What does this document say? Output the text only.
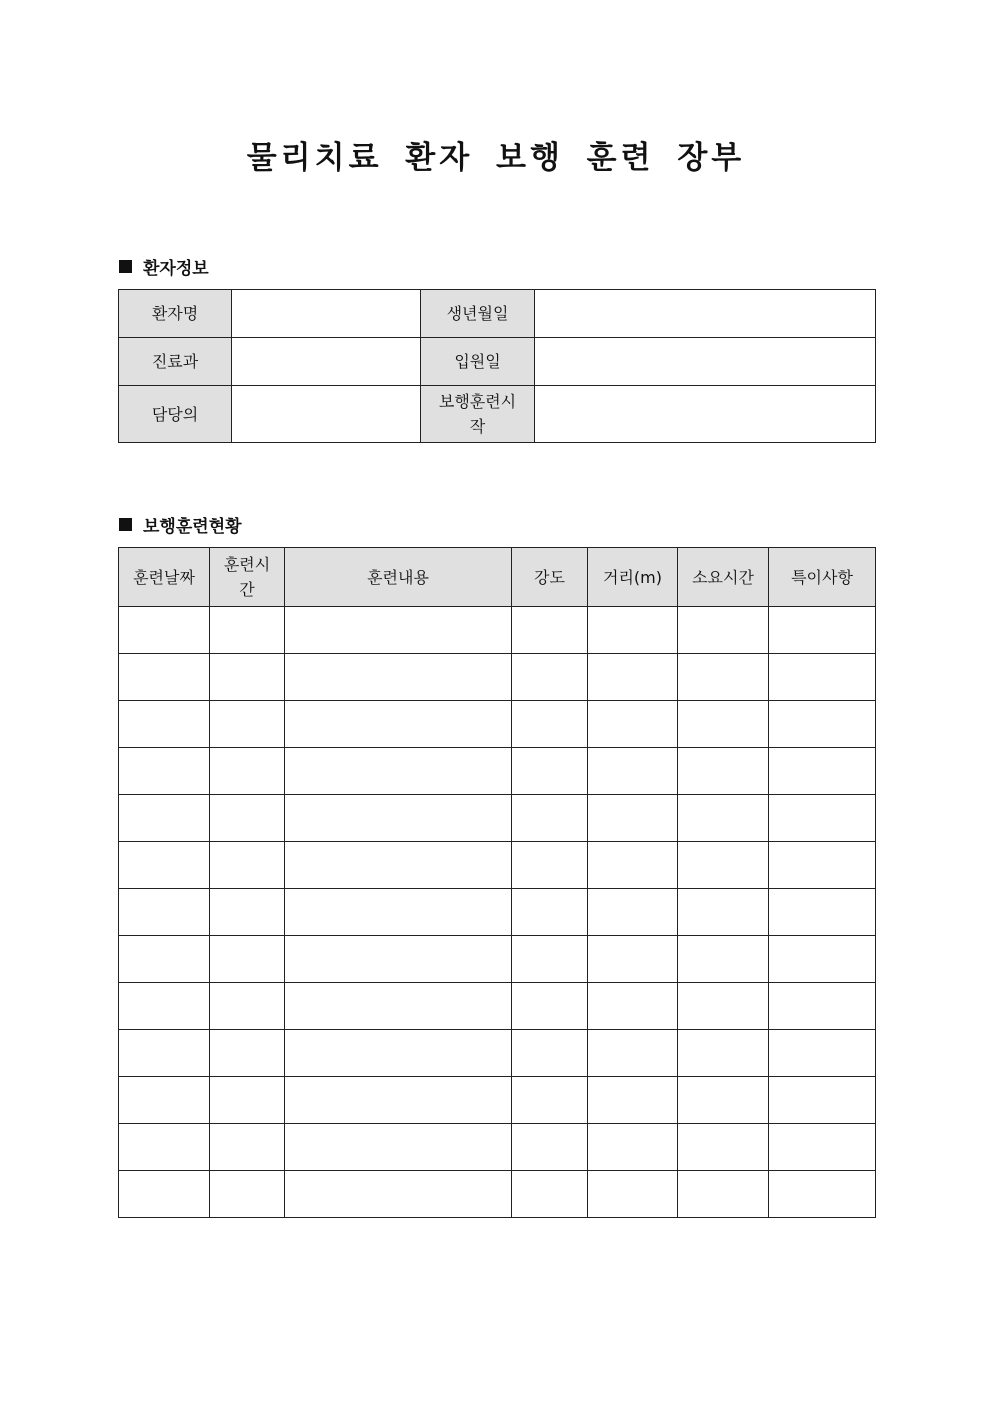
물리치료 환자 보행 훈련 장부
환자정보
환자명		생년월일	
진료과		입원일	
담당의		보행훈련시작	
보행훈련현황
훈련날짜	훈련시간	훈련내용	강도	거리(m)	소요시간	특이사항
